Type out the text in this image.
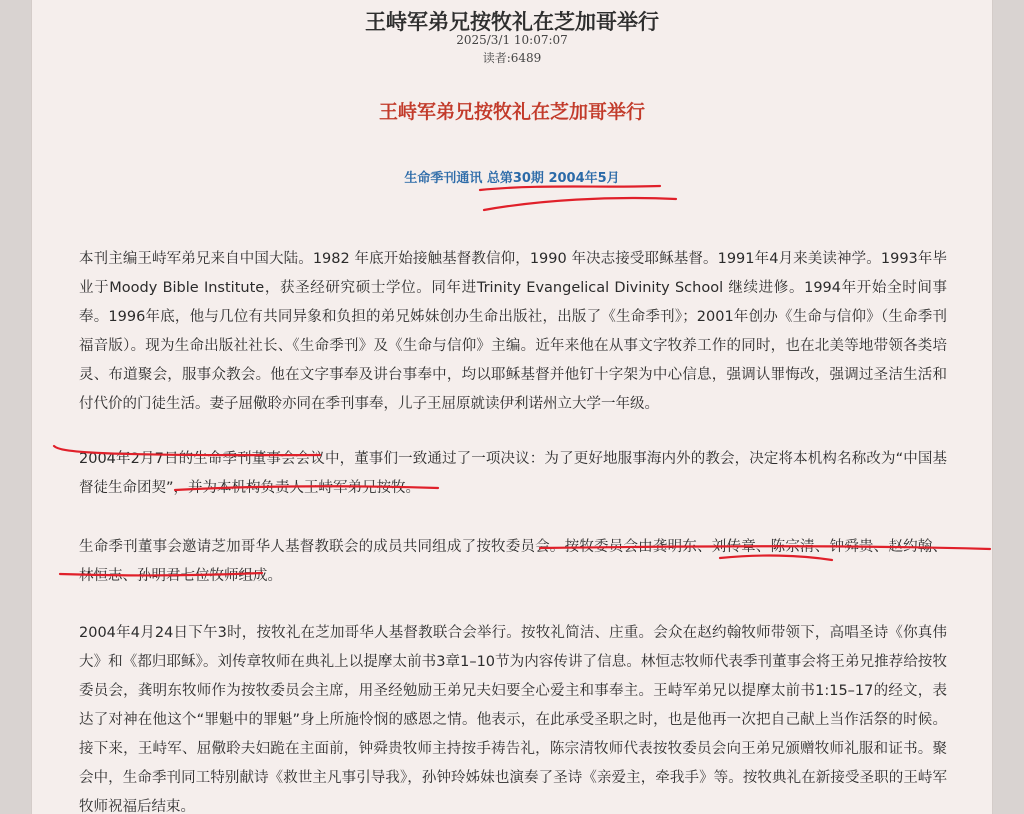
王峙军弟兄按牧礼在芝加哥举行
2025/3/1 10:07:07
读者:6489
王峙军弟兄按牧礼在芝加哥举行
生命季刊通讯 总第30期 2004年5月

本刊主编王峙军弟兄来自中国大陆。1982 年底开始接触基督教信仰，1990 年决志接受耶稣基督。1991年4月来美读神学。1993年毕业于Moody Bible Institute，获圣经研究硕士学位。同年进Trinity Evangelical Divinity School 继续进修。1994年开始全时间事奉。1996年底，他与几位有共同异象和负担的弟兄姊妹创办生命出版社，出版了《生命季刊》；2001年创办《生命与信仰》（生命季刊福音版）。现为生命出版社社长、《生命季刊》及《生命与信仰》主编。近年来他在从事文字牧养工作的同时，也在北美等地带领各类培灵、布道聚会，服事众教会。他在文字事奉及讲台事奉中，均以耶稣基督并他钉十字架为中心信息，强调认罪悔改，强调过圣洁生活和付代价的门徒生活。妻子屈儆聆亦同在季刊事奉，儿子王屈原就读伊利诺州立大学一年级。

2004年2月7日的生命季刊董事会会议中，董事们一致通过了一项决议：为了更好地服事海内外的教会，决定将本机构名称改为“中国基督徒生命团契”，并为本机构负责人王峙军弟兄按牧。

生命季刊董事会邀请芝加哥华人基督教联会的成员共同组成了按牧委员会。按牧委员会由龚明东、刘传章、陈宗清、钟舜贵、赵约翰、林恒志、孙明君七位牧师组成。

2004年4月24日下午3时，按牧礼在芝加哥华人基督教联合会举行。按牧礼简洁、庄重。会众在赵约翰牧师带领下，高唱圣诗《你真伟大》和《都归耶稣》。刘传章牧师在典礼上以提摩太前书3章1–10节为内容传讲了信息。林恒志牧师代表季刊董事会将王弟兄推荐给按牧委员会，龚明东牧师作为按牧委员会主席，用圣经勉励王弟兄夫妇要全心爱主和事奉主。王峙军弟兄以提摩太前书1:15–17的经文，表达了对神在他这个“罪魁中的罪魁”身上所施怜悯的感恩之情。他表示，在此承受圣职之时，也是他再一次把自己献上当作活祭的时候。接下来，王峙军、屈儆聆夫妇跪在主面前，钟舜贵牧师主持按手祷告礼，陈宗清牧师代表按牧委员会向王弟兄颁赠牧师礼服和证书。聚会中，生命季刊同工特别献诗《救世主凡事引导我》，孙钟玲姊妹也演奏了圣诗《亲爱主，牵我手》等。按牧典礼在新接受圣职的王峙军牧师祝福后结束。
